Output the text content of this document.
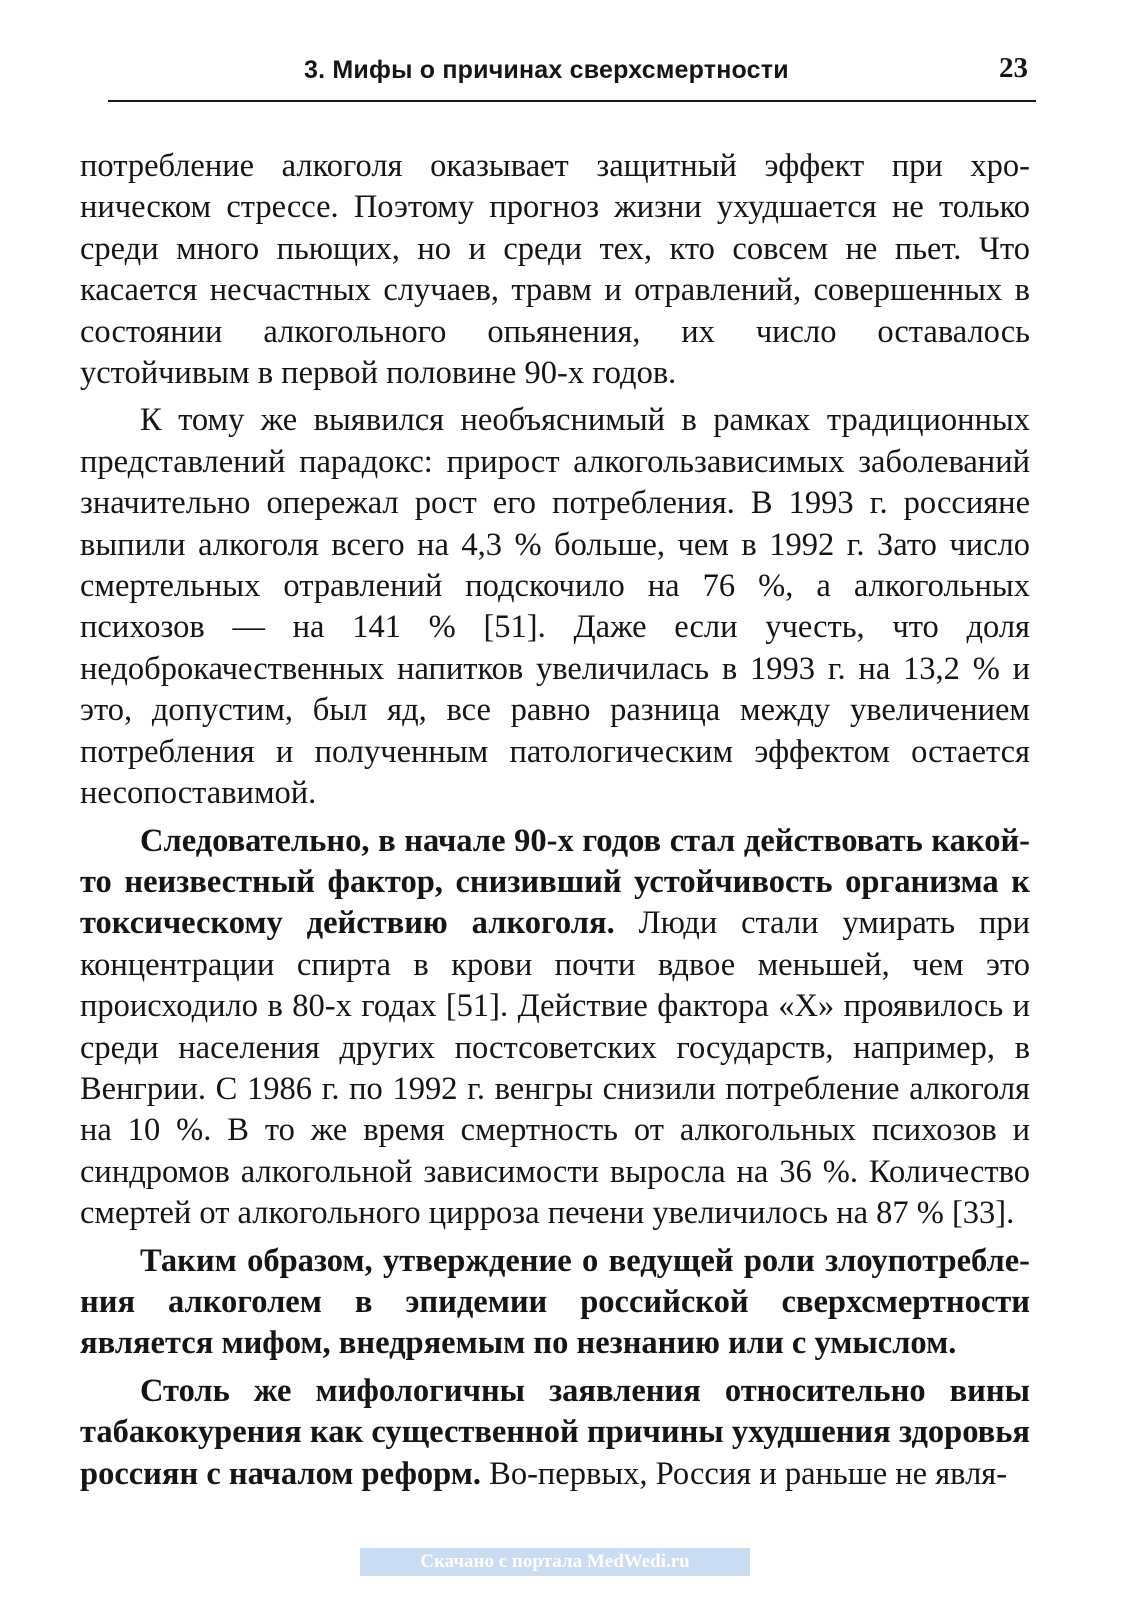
3. Мифы о причинах сверхсмертности	23

потребление алкоголя оказывает защитный эффект при хроническом стрессе. Поэтому прогноз жизни ухудшается не только среди много пьющих, но и среди тех, кто совсем не пьет. Что касается несчастных случаев, травм и отравлений, совершенных в состоянии алкогольного опьянения, их число оставалось устойчивым в первой половине 90-х годов.

К тому же выявился необъяснимый в рамках традиционных представлений парадокс: прирост алкогользависимых заболеваний значительно опережал рост его потребления. В 1993 г. россияне выпили алкоголя всего на 4,3 % больше, чем в 1992 г. Зато число смертельных отравлений подскочило на 76 %, а алкогольных психозов — на 141 % [51]. Даже если учесть, что доля недоброкачественных напитков увеличилась в 1993 г. на 13,2 % и это, допустим, был яд, все равно разница между увеличением потребления и полученным патологическим эффектом остается несопоставимой.

Следовательно, в начале 90-х годов стал действовать какой-то неизвестный фактор, снизивший устойчивость организма к токсическому действию алкоголя. Люди стали умирать при концентрации спирта в крови почти вдвое меньшей, чем это происходило в 80-х годах [51]. Действие фактора «Х» проявилось и среди населения других постсоветских государств, например, в Венгрии. С 1986 г. по 1992 г. венгры снизили потребление алкоголя на 10 %. В то же время смертность от алкогольных психозов и синдромов алкогольной зависимости выросла на 36 %. Количество смертей от алкогольного цирроза печени увеличилось на 87 % [33].

Таким образом, утверждение о ведущей роли злоупотребления алкоголем в эпидемии российской сверхсмертности является мифом, внедряемым по незнанию или с умыслом.

Столь же мифологичны заявления относительно вины табакокурения как существенной причины ухудшения здоровья россиян с началом реформ. Во-первых, Россия и раньше не явля-

Скачано с портала MedWedi.ru
